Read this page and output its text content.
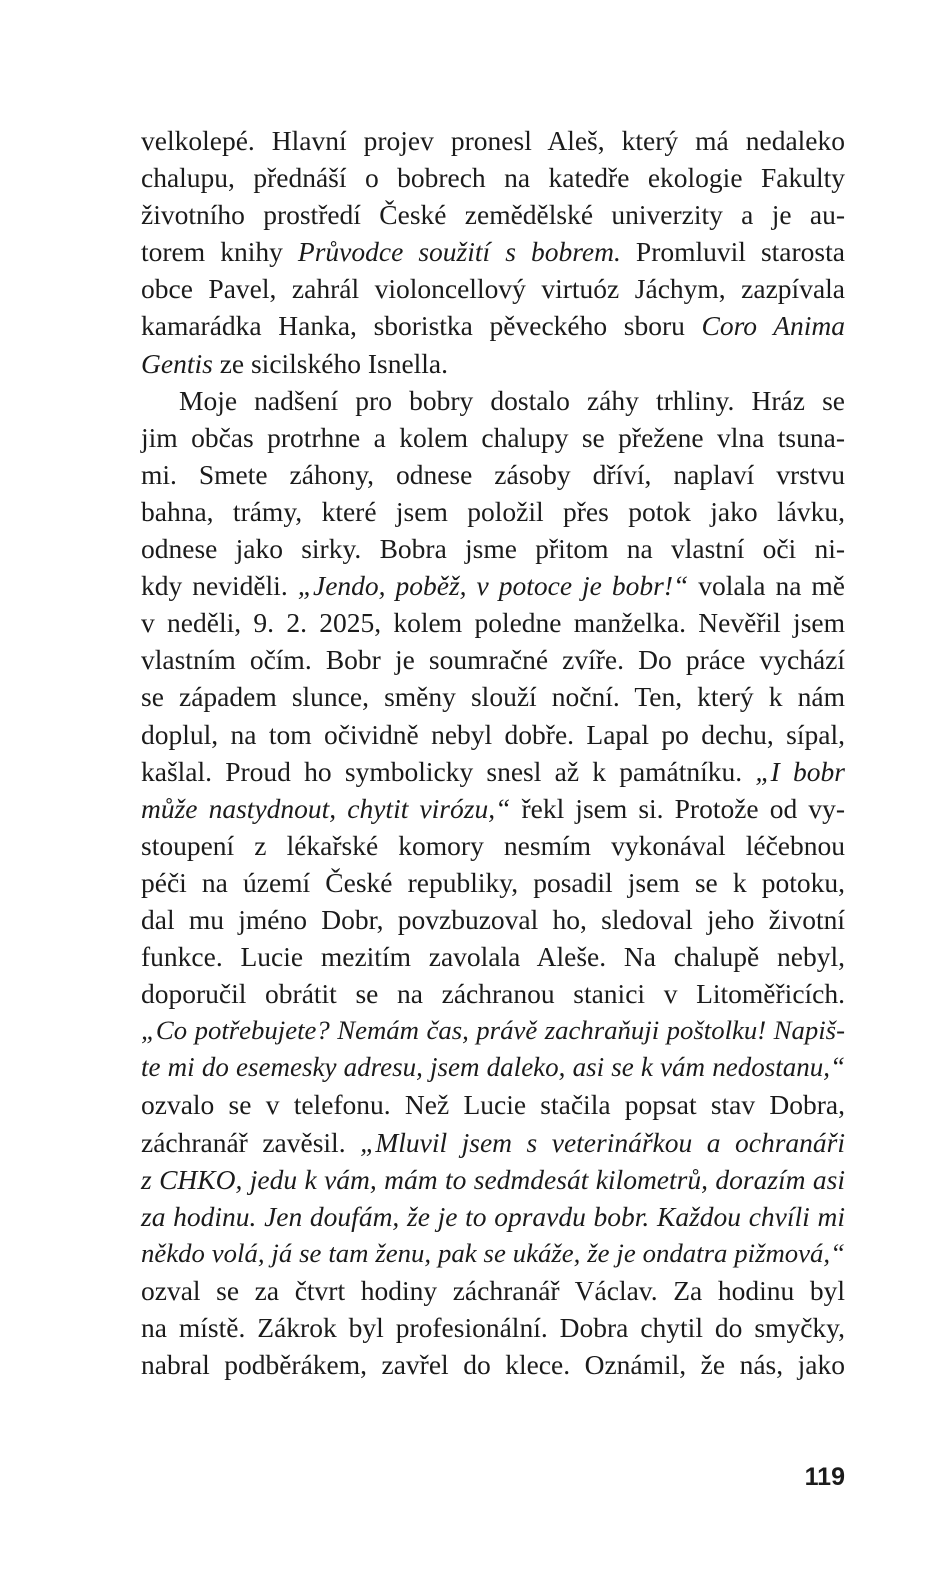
velkolepé. Hlavní projev pronesl Aleš, který má nedaleko
chalupu, přednáší o bobrech na katedře ekologie Fakulty
životního prostředí České zemědělské univerzity a je au-
torem knihy Průvodce soužití s bobrem. Promluvil starosta
obce Pavel, zahrál violoncellový virtuóz Jáchym, zazpívala
kamarádka Hanka, sboristka pěveckého sboru Coro Anima
Gentis ze sicilského Isnella.
Moje nadšení pro bobry dostalo záhy trhliny. Hráz se
jim občas protrhne a kolem chalupy se přežene vlna tsuna-
mi. Smete záhony, odnese zásoby dříví, naplaví vrstvu
bahna, trámy, které jsem položil přes potok jako lávku,
odnese jako sirky. Bobra jsme přitom na vlastní oči ni-
kdy neviděli. „Jendo, poběž, v potoce je bobr!“ volala na mě
v neděli, 9. 2. 2025, kolem poledne manželka. Nevěřil jsem
vlastním očím. Bobr je soumračné zvíře. Do práce vychází
se západem slunce, směny slouží noční. Ten, který k nám
doplul, na tom očividně nebyl dobře. Lapal po dechu, sípal,
kašlal. Proud ho symbolicky snesl až k památníku. „I bobr
může nastydnout, chytit virózu,“ řekl jsem si. Protože od vy-
stoupení z lékařské komory nesmím vykonával léčebnou
péči na území České republiky, posadil jsem se k potoku,
dal mu jméno Dobr, povzbuzoval ho, sledoval jeho životní
funkce. Lucie mezitím zavolala Aleše. Na chalupě nebyl,
doporučil obrátit se na záchranou stanici v Litoměřicích.
„Co potřebujete? Nemám čas, právě zachraňuji poštolku! Napiš-
te mi do esemesky adresu, jsem daleko, asi se k vám nedostanu,“
ozvalo se v telefonu. Než Lucie stačila popsat stav Dobra,
záchranář zavěsil. „Mluvil jsem s veterinářkou a ochranáři
z CHKO, jedu k vám, mám to sedmdesát kilometrů, dorazím asi
za hodinu. Jen doufám, že je to opravdu bobr. Každou chvíli mi
někdo volá, já se tam ženu, pak se ukáže, že je ondatra pižmová,“
ozval se za čtvrt hodiny záchranář Václav. Za hodinu byl
na místě. Zákrok byl profesionální. Dobra chytil do smyčky,
nabral podběrákem, zavřel do klece. Oznámil, že nás, jako
119
